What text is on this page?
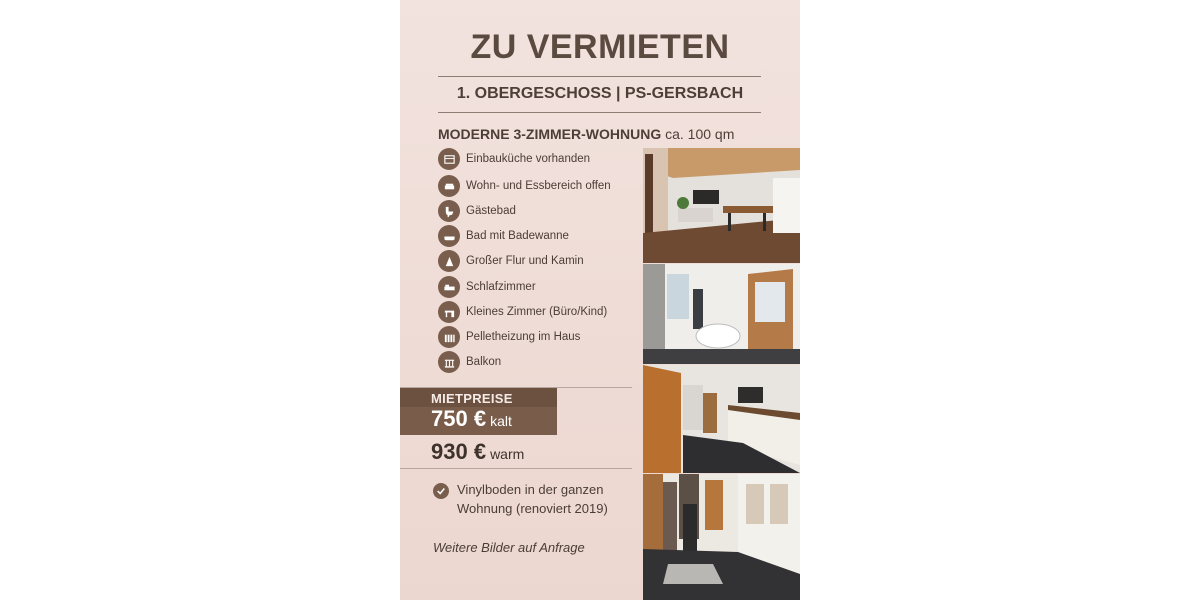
ZU VERMIETEN
1. OBERGESCHOSS | PS-GERSBACH
MODERNE 3-ZIMMER-WOHNUNG ca. 100 qm
Einbauküche vorhanden
Wohn- und Essbereich offen
Gästebad
Bad mit Badewanne
Großer Flur und Kamin
Schlafzimmer
Kleines Zimmer (Büro/Kind)
Pelletheizung im Haus
Balkon
MIETPREISE
750 € kalt
930 € warm
Vinylboden in der ganzen
Wohnung (renoviert 2019)
Weitere Bilder auf Anfrage
